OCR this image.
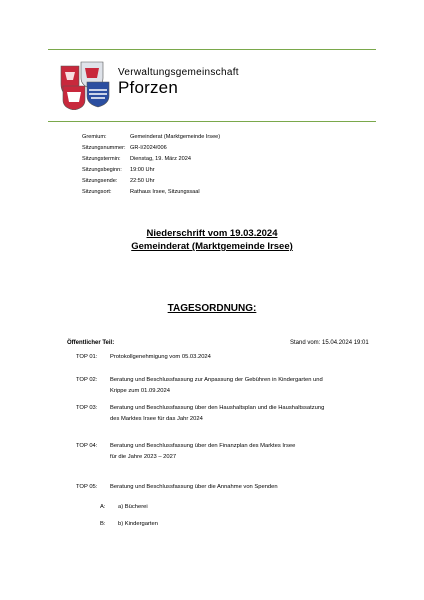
Verwaltungsgemeinschaft
Pforzen
Gremium:	Gemeinderat (Marktgemeinde Irsee)
Sitzungsnummer: GR-I/2024/006
Sitzungstermin: Dienstag, 19. März 2024
Sitzungsbeginn: 19:00 Uhr
Sitzungsende: 22:50 Uhr
Sitzungsort:	Rathaus Irsee, Sitzungssaal
Niederschrift vom 19.03.2024
Gemeinderat (Marktgemeinde Irsee)
TAGESORDNUNG:
Öffentlicher Teil:	Stand vom: 15.04.2024 19:01
TOP 01: Protokollgenehmigung vom 05.03.2024
TOP 02: Beratung und Beschlussfassung zur Anpassung der Gebühren in Kindergarten und
Krippe zum 01.09.2024
TOP 03: Beratung und Beschlussfassung über den Haushaltsplan und die Haushaltssatzung
des Marktes Irsee für das Jahr 2024
TOP 04: Beratung und Beschlussfassung über den Finanzplan des Marktes Irsee
für die Jahre 2023 – 2027
TOP 05: Beratung und Beschlussfassung über die Annahme von Spenden
A: a) Bücherei
B: b) Kindergarten
